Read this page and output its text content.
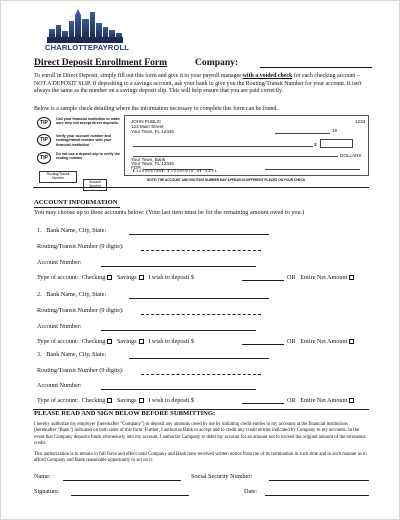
CHARLOTTEPAYROLL
Direct Deposit Enrollment Form	Company:
To enroll in Direct Deposit, simply fill out this form and give it to your payroll manager with a voided check for each checking account – NOT A DEPOSIT SLIP. If depositing to a savings account, ask your bank to give you the Routing/Transit Number for your account. It isn't always the same as the number on a savings deposit slip. This will help ensure that you are paid correctly.
Below is a sample check detailing where the information necessary to complete this form can be found.
TIP
Call your financial institution to make sure they will accept direct deposits.
TIP
Verify your account number and routing/transit number with your financial institution.
TIP
Do not use a deposit slip to verify the routing number.
Routing/Transit Number
Account Number
JOHN PUBLIC
123 Main Street
Your Town, FL 12345
1234
19
$
DOLLARS
Your Town, Bank
Your Town, FL 12345
FOR
⑆123456789⑆ ⑈12345678 9⑈ 1234
NOTE: THE ACCOUNT AND ROUTING NUMBER MAY APPEAR IN DIFFERENT PLACES ON YOUR CHECK
ACCOUNT INFORMATION
You may choose up to three accounts below: (Your last item must be for the remaining amount owed to you.)
1. Bank Name, City, State:
Routing/Transit Number (9 digits):
Account Number:
Type of account: Checking Savings I wish to deposit $	OR Entire Net Amount
2. Bank Name, City, State:
Routing/Transit Number (9 digits):
Account Number:
Type of account: Checking Savings I wish to deposit $	OR Entire Net Amount
3. Bank Name, City, State:
Routing/Transit Number (9 digits):
Account Number:
Type of account: Checking Savings I wish to deposit $	OR Entire Net Amount
PLEASE READ AND SIGN BELOW BEFORE SUBMITTING:
I hereby authorize my employer (hereinafter "Company") to deposit any amounts owed by me by initiating credit entries to my accounts at the financial institutions (hereinafter "Bank") indicated on both sides of this form. Further, I authorize Bank to accept and to credit any credit entries indicated by Company to my accounts. In the event that Company deposits funds erroneously into my account, I authorize Company to debit my account for an amount not to exceed the original amount of the erroneous credit.
This authorization is to remain in full force and effect until Company and Bank have received written notice from me of its termination in such time and in such manner as to afford Company and Bank reasonable opportunity to act on it.
Name:	Social Security Number:
Signature:	Date:
